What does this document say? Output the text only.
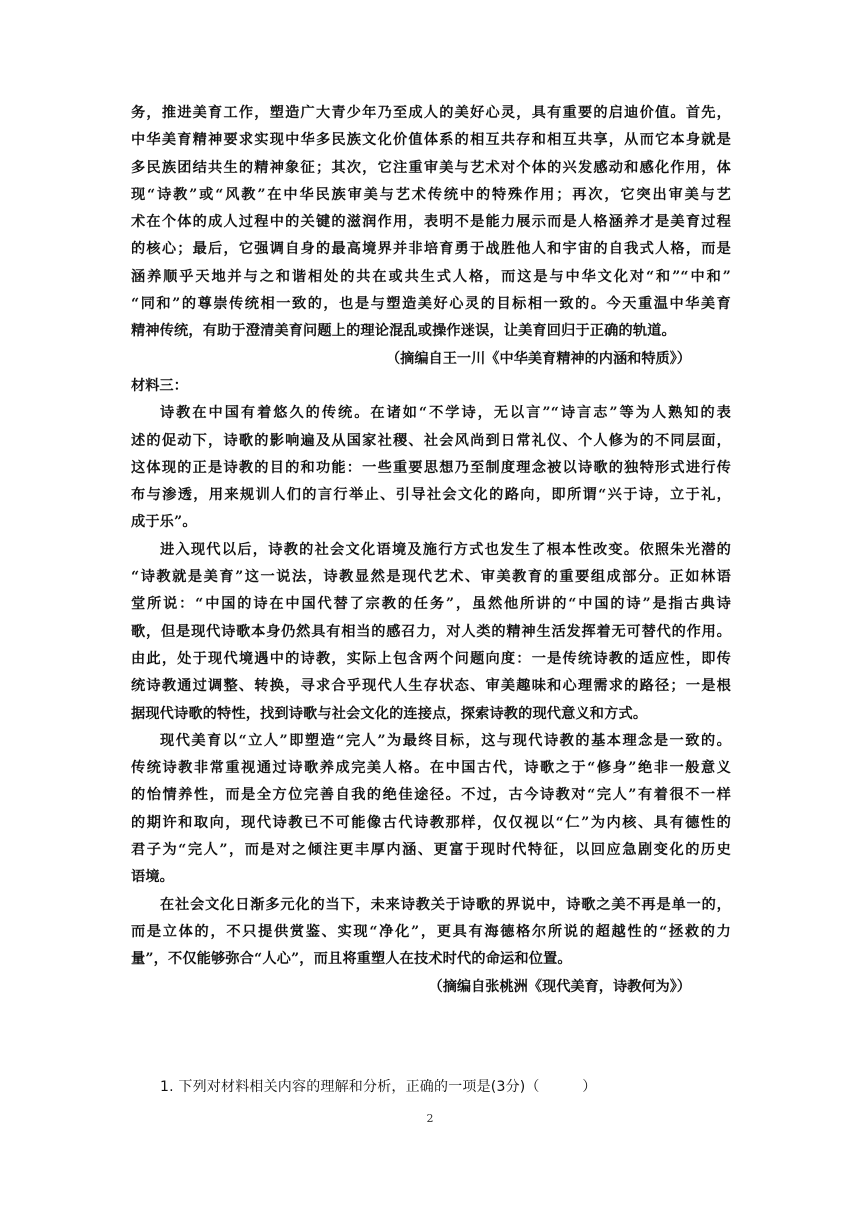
务，推进美育工作，塑造广大青少年乃至成人的美好心灵，具有重要的启迪价值。首先，

中华美育精神要求实现中华多民族文化价值体系的相互共存和相互共享，从而它本身就是

多民族团结共生的精神象征；其次，它注重审美与艺术对个体的兴发感动和感化作用，体

现“诗教”或“风教”在中华民族审美与艺术传统中的特殊作用；再次，它突出审美与艺

术在个体的成人过程中的关键的滋润作用，表明不是能力展示而是人格涵养才是美育过程

的核心；最后，它强调自身的最高境界并非培育勇于战胜他人和宇宙的自我式人格，而是

涵养顺乎天地并与之和谐相处的共在或共生式人格，而这是与中华文化对“和”“中和”

“同和”的尊崇传统相一致的，也是与塑造美好心灵的目标相一致的。今天重温中华美育

精神传统，有助于澄清美育问题上的理论混乱或操作迷误，让美育回归于正确的轨道。

（摘编自王一川《中华美育精神的内涵和特质》）

材料三：

诗教在中国有着悠久的传统。在诸如“不学诗，无以言”“诗言志”等为人熟知的表

述的促动下，诗歌的影响遍及从国家社稷、社会风尚到日常礼仪、个人修为的不同层面，

这体现的正是诗教的目的和功能：一些重要思想乃至制度理念被以诗歌的独特形式进行传

布与渗透，用来规训人们的言行举止、引导社会文化的路向，即所谓“兴于诗，立于礼，

成于乐”。

进入现代以后，诗教的社会文化语境及施行方式也发生了根本性改变。依照朱光潜的

“诗教就是美育”这一说法，诗教显然是现代艺术、审美教育的重要组成部分。正如林语

堂所说：“中国的诗在中国代替了宗教的任务”，虽然他所讲的“中国的诗”是指古典诗

歌，但是现代诗歌本身仍然具有相当的感召力，对人类的精神生活发挥着无可替代的作用。

由此，处于现代境遇中的诗教，实际上包含两个问题向度：一是传统诗教的适应性，即传

统诗教通过调整、转换，寻求合乎现代人生存状态、审美趣味和心理需求的路径；一是根

据现代诗歌的特性，找到诗歌与社会文化的连接点，探索诗教的现代意义和方式。

现代美育以“立人”即塑造“完人”为最终目标，这与现代诗教的基本理念是一致的。

传统诗教非常重视通过诗歌养成完美人格。在中国古代，诗歌之于“修身”绝非一般意义

的怡情养性，而是全方位完善自我的绝佳途径。不过，古今诗教对“完人”有着很不一样

的期许和取向，现代诗教已不可能像古代诗教那样，仅仅视以“仁”为内核、具有德性的

君子为“完人”，而是对之倾注更丰厚内涵、更富于现时代特征，以回应急剧变化的历史

语境。

在社会文化日渐多元化的当下，未来诗教关于诗歌的界说中，诗歌之美不再是单一的，

而是立体的，不只提供赏鉴、实现“净化”，更具有海德格尔所说的超越性的“拯救的力

量”，不仅能够弥合“人心”，而且将重塑人在技术时代的命运和位置。

（摘编自张桃洲《现代美育，诗教何为》）

1. 下列对材料相关内容的理解和分析，正确的一项是(3分)（　　　）
2
